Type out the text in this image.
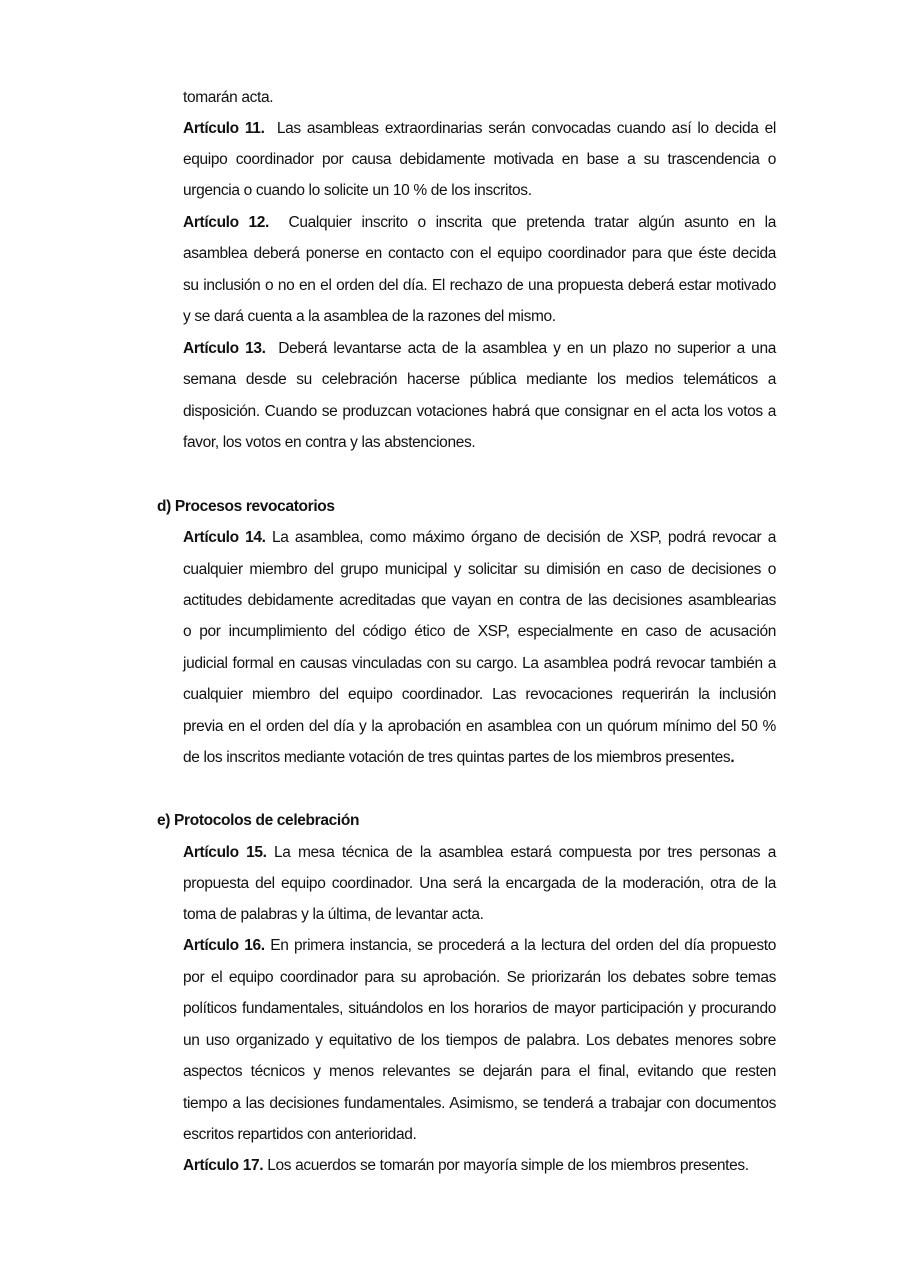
tomarán acta.
Artículo 11. Las asambleas extraordinarias serán convocadas cuando así lo decida el
equipo coordinador por causa debidamente motivada en base a su trascendencia o
urgencia o cuando lo solicite un 10 % de los inscritos.
Artículo 12. Cualquier inscrito o inscrita que pretenda tratar algún asunto en la
asamblea deberá ponerse en contacto con el equipo coordinador para que éste decida
su inclusión o no en el orden del día. El rechazo de una propuesta deberá estar motivado
y se dará cuenta a la asamblea de la razones del mismo.
Artículo 13. Deberá levantarse acta de la asamblea y en un plazo no superior a una
semana desde su celebración hacerse pública mediante los medios telemáticos a
disposición. Cuando se produzcan votaciones habrá que consignar en el acta los votos a
favor, los votos en contra y las abstenciones.
d) Procesos revocatorios
Artículo 14. La asamblea, como máximo órgano de decisión de XSP, podrá revocar a
cualquier miembro del grupo municipal y solicitar su dimisión en caso de decisiones o
actitudes debidamente acreditadas que vayan en contra de las decisiones asamblearias
o por incumplimiento del código ético de XSP, especialmente en caso de acusación
judicial formal en causas vinculadas con su cargo. La asamblea podrá revocar también a
cualquier miembro del equipo coordinador. Las revocaciones requerirán la inclusión
previa en el orden del día y la aprobación en asamblea con un quórum mínimo del 50 %
de los inscritos mediante votación de tres quintas partes de los miembros presentes.
e) Protocolos de celebración
Artículo 15. La mesa técnica de la asamblea estará compuesta por tres personas a
propuesta del equipo coordinador. Una será la encargada de la moderación, otra de la
toma de palabras y la última, de levantar acta.
Artículo 16. En primera instancia, se procederá a la lectura del orden del día propuesto
por el equipo coordinador para su aprobación. Se priorizarán los debates sobre temas
políticos fundamentales, situándolos en los horarios de mayor participación y procurando
un uso organizado y equitativo de los tiempos de palabra. Los debates menores sobre
aspectos técnicos y menos relevantes se dejarán para el final, evitando que resten
tiempo a las decisiones fundamentales. Asimismo, se tenderá a trabajar con documentos
escritos repartidos con anterioridad.
Artículo 17. Los acuerdos se tomarán por mayoría simple de los miembros presentes.
